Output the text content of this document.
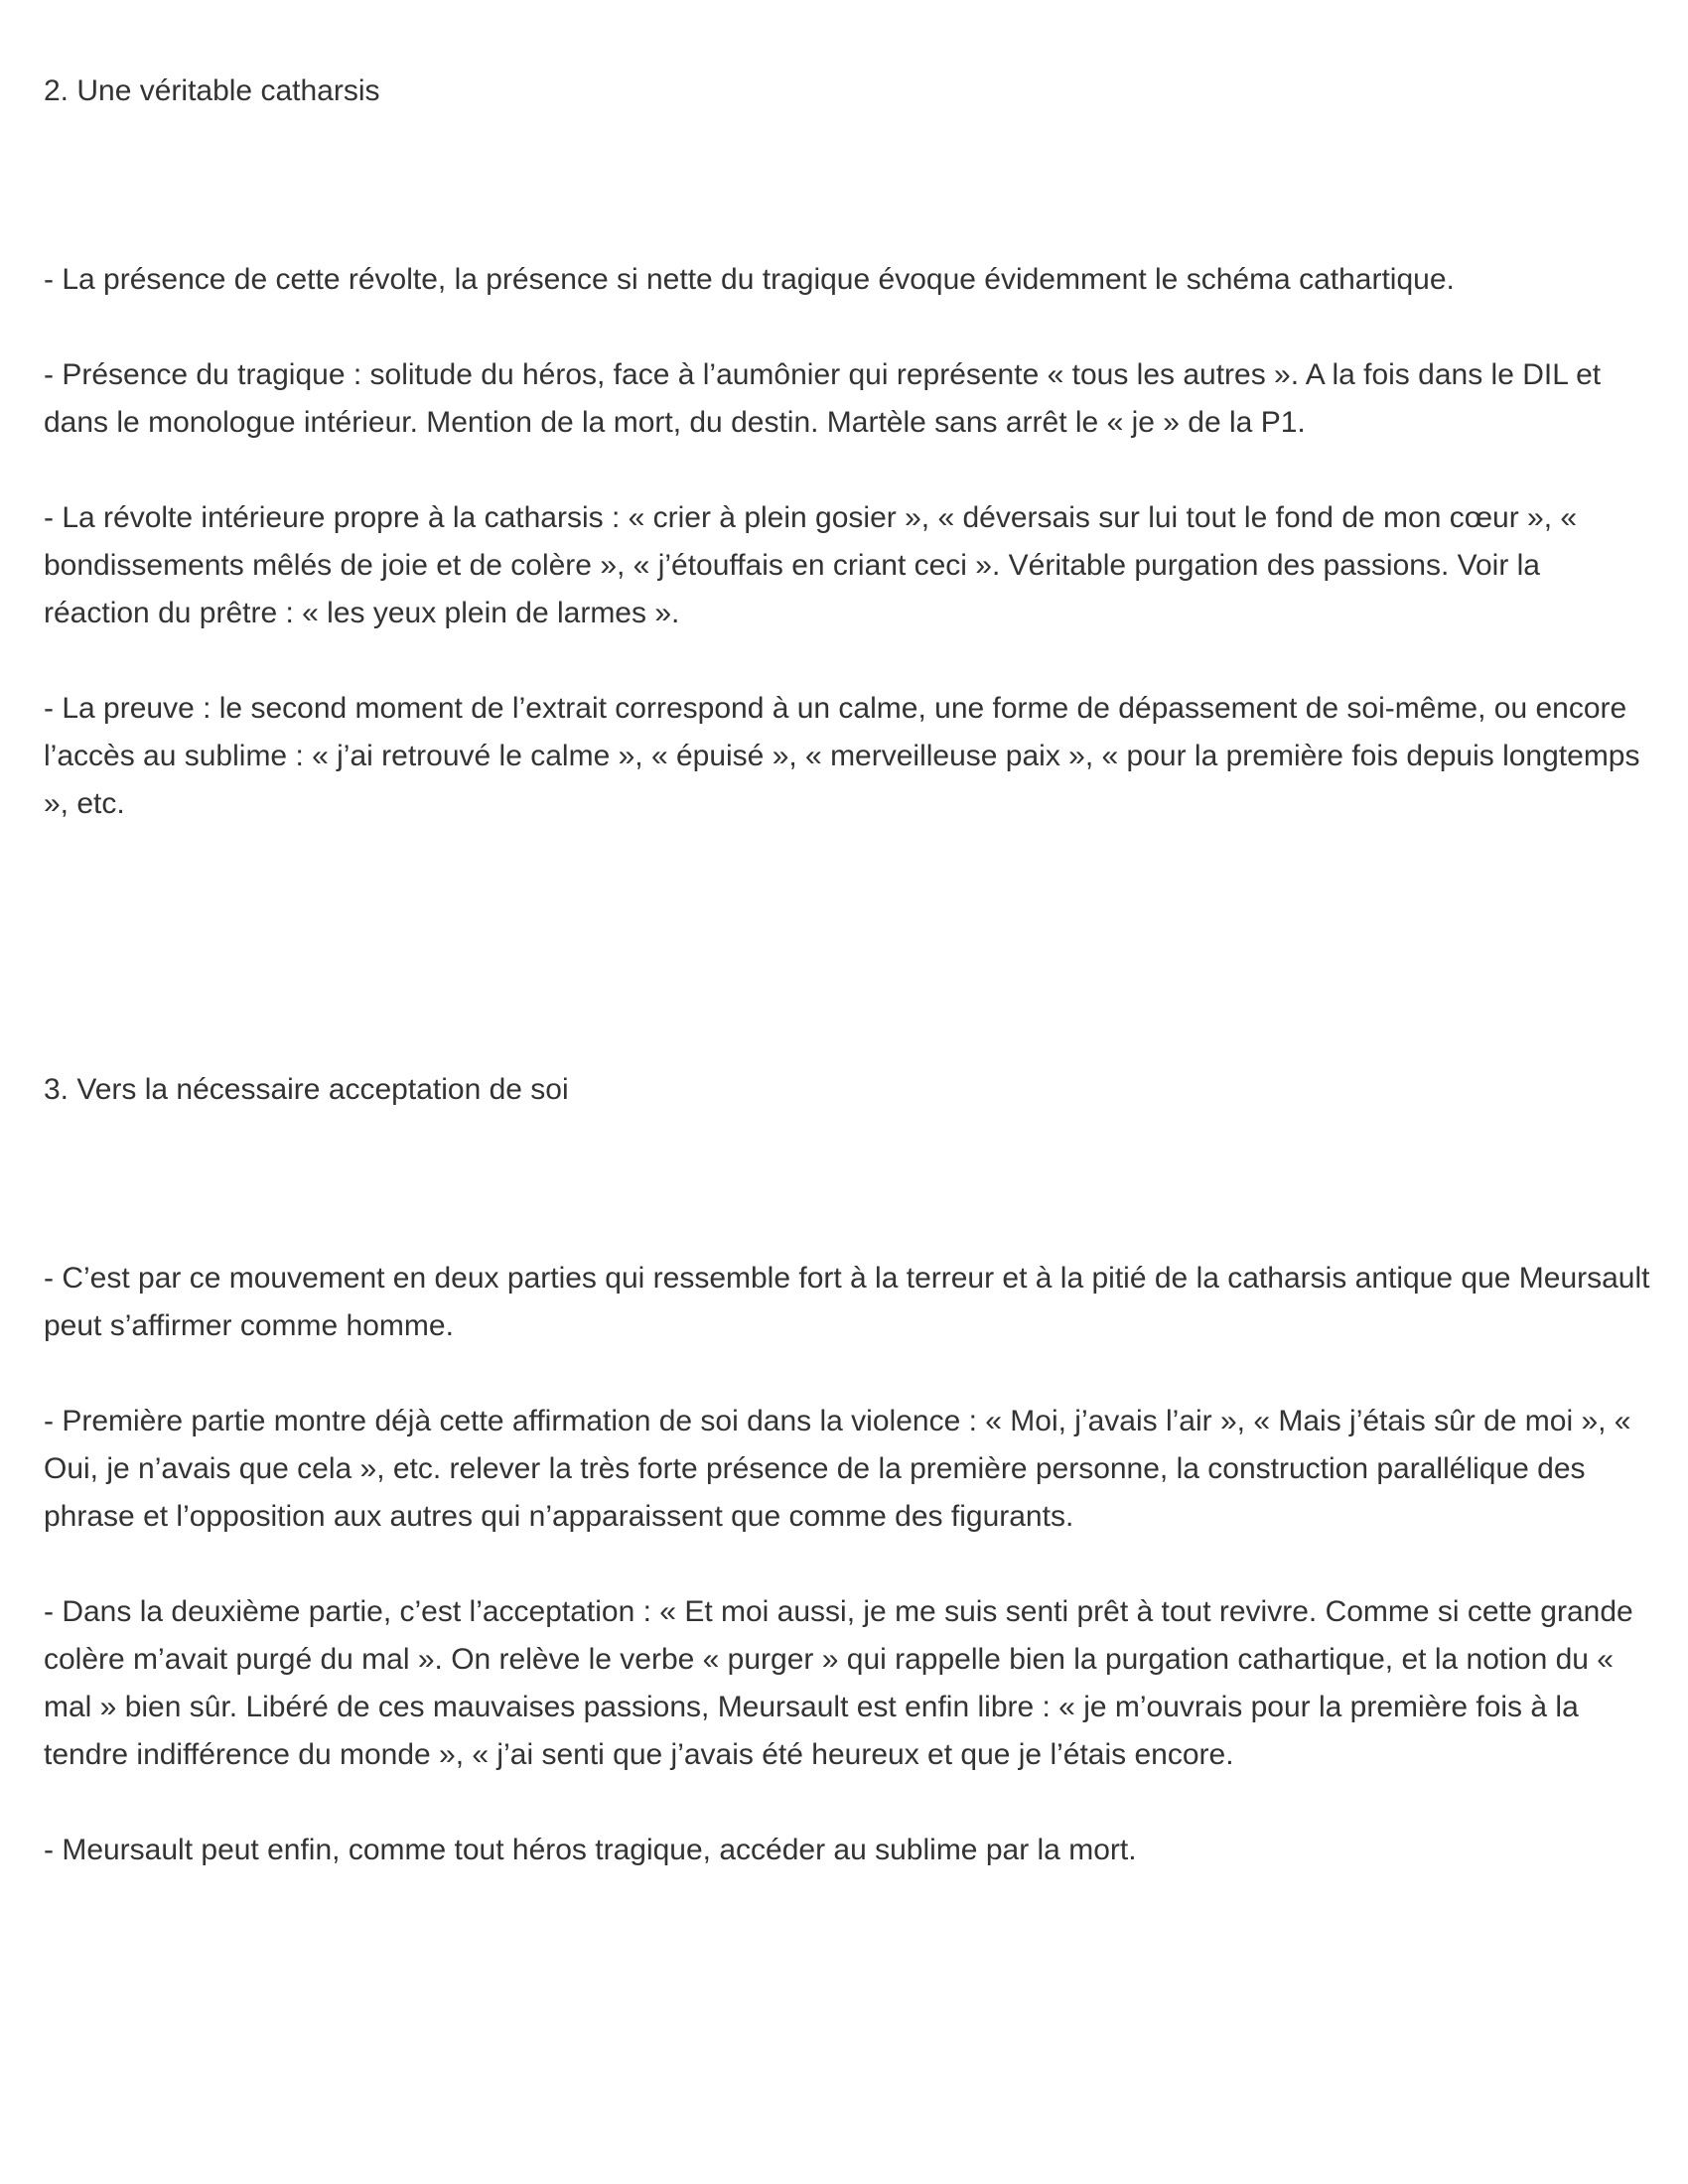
2. Une véritable catharsis

- La présence de cette révolte, la présence si nette du tragique évoque évidemment le schéma cathartique.

- Présence du tragique : solitude du héros, face à l’aumônier qui représente « tous les autres ». A la fois dans le DIL et dans le monologue intérieur. Mention de la mort, du destin. Martèle sans arrêt le « je » de la P1.

- La révolte intérieure propre à la catharsis : « crier à plein gosier », « déversais sur lui tout le fond de mon cœur », « bondissements mêlés de joie et de colère », « j’étouffais en criant ceci ». Véritable purgation des passions. Voir la réaction du prêtre : « les yeux plein de larmes ».

- La preuve : le second moment de l’extrait correspond à un calme, une forme de dépassement de soi-même, ou encore l’accès au sublime : « j’ai retrouvé le calme », « épuisé », « merveilleuse paix », « pour la première fois depuis longtemps », etc.

3. Vers la nécessaire acceptation de soi

- C’est par ce mouvement en deux parties qui ressemble fort à la terreur et à la pitié de la catharsis antique que Meursault peut s’affirmer comme homme.

- Première partie montre déjà cette affirmation de soi dans la violence : « Moi, j’avais l’air », « Mais j’étais sûr de moi », « Oui, je n’avais que cela », etc. relever la très forte présence de la première personne, la construction parallélique des phrase et l’opposition aux autres qui n’apparaissent que comme des figurants.

- Dans la deuxième partie, c’est l’acceptation : « Et moi aussi, je me suis senti prêt à tout revivre. Comme si cette grande colère m’avait purgé du mal ». On relève le verbe « purger » qui rappelle bien la purgation cathartique, et la notion du « mal » bien sûr. Libéré de ces mauvaises passions, Meursault est enfin libre : « je m’ouvrais pour la première fois à la tendre indifférence du monde », « j’ai senti que j’avais été heureux et que je l’étais encore.

- Meursault peut enfin, comme tout héros tragique, accéder au sublime par la mort.
